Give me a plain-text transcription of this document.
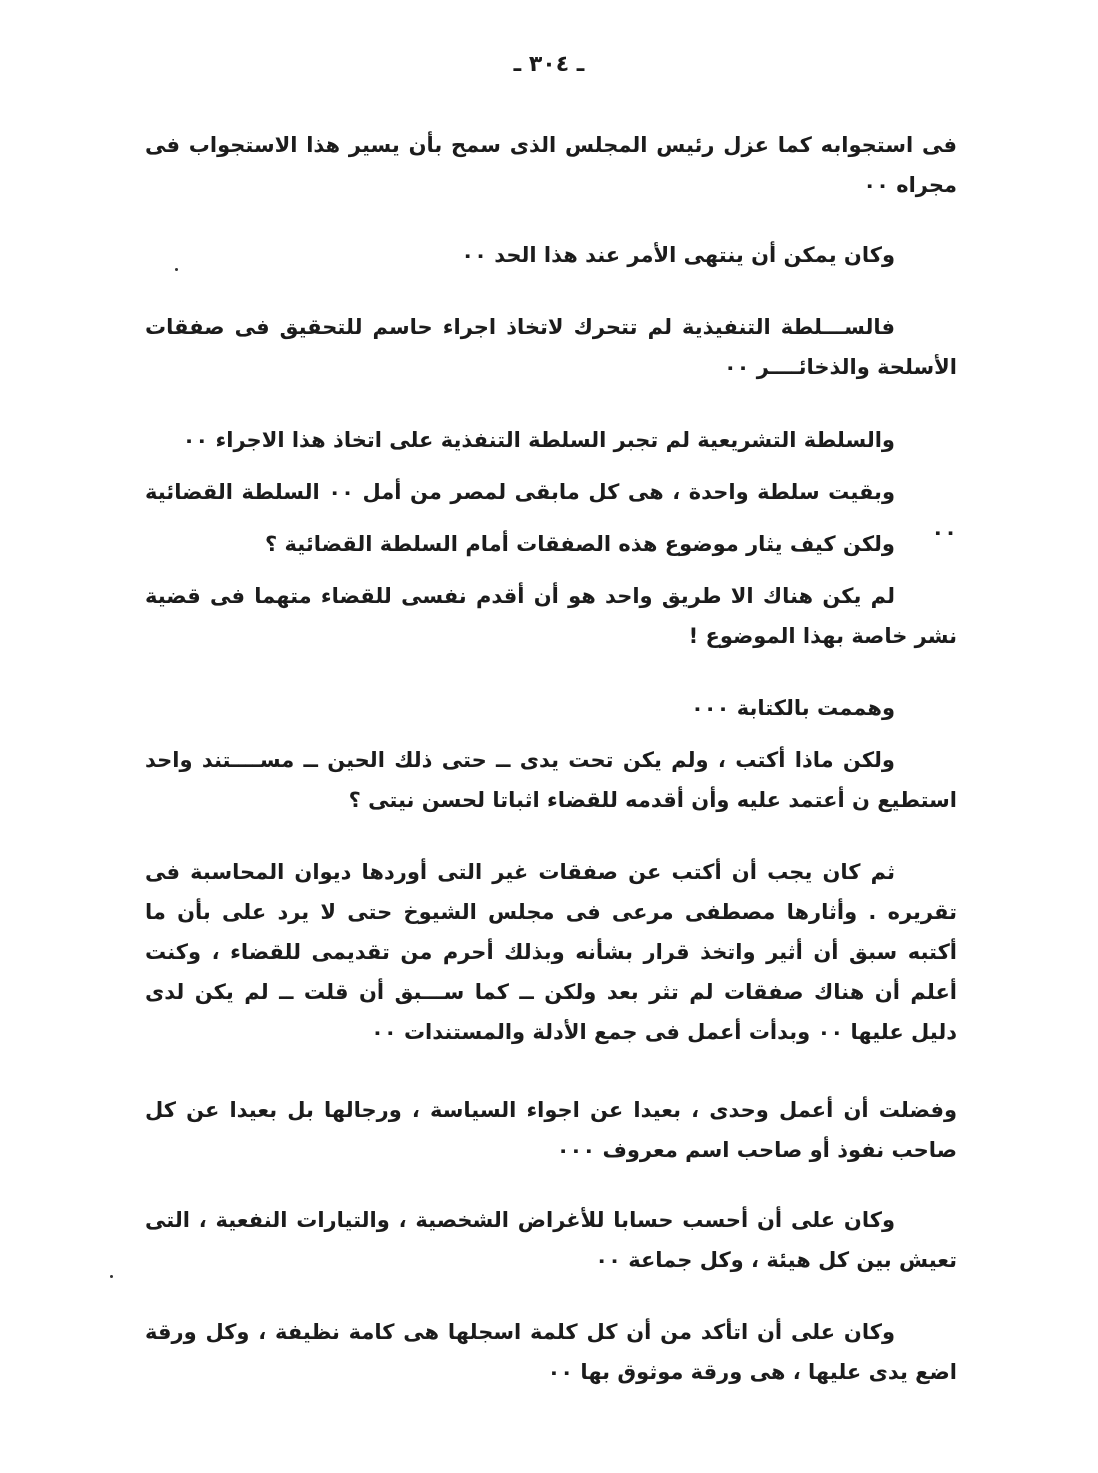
ـ ٣٠٤ ـ

فى استجوابه كما عزل رئيس المجلس الذى سمح بأن يسير هذا الاستجواب فى مجراه ٠٠

وكان يمكن أن ينتهى الأمر عند هذا الحد ٠٠

فالســـلطة التنفيذية لم تتحرك لاتخاذ اجراء حاسم للتحقيق فى صفقات الأسلحة والذخائــــر ٠٠

والسلطة التشريعية لم تجبر السلطة التنفذية على اتخاذ هذا الاجراء ٠٠

وبقيت سلطة واحدة ، هى كل مابقى لمصر من أمل ٠٠ السلطة القضائية ٠٠

ولكن كيف يثار موضوع هذه الصفقات أمام السلطة القضائية ؟

لم يكن هناك الا طريق واحد هو أن أقدم نفسى للقضاء متهما فى قضية نشر خاصة بهذا الموضوع !

وهممت بالكتابة ٠٠٠

ولكن ماذا أكتب ، ولم يكن تحت يدى ــ حتى ذلك الحين ــ مســــتند واحد استطيع ن أعتمد عليه وأن أقدمه للقضاء اثباتا لحسن نيتى ؟

ثم كان يجب أن أكتب عن صفقات غير التى أوردها ديوان المحاسبة فى تقريره . وأثارها مصطفى مرعى فى مجلس الشيوخ حتى لا يرد على بأن ما أكتبه سبق أن أثير واتخذ قرار بشأنه وبذلك أحرم من تقديمى للقضاء ، وكنت أعلم أن هناك صفقات لم تثر بعد ولكن ــ كما ســـبق أن قلت ــ لم يكن لدى دليل عليها ٠٠ وبدأت أعمل فى جمع الأدلة والمستندات ٠٠

وفضلت أن أعمل وحدى ، بعيدا عن اجواء السياسة ، ورجالها بل بعيدا عن كل صاحب نفوذ أو صاحب اسم معروف ٠٠٠

وكان على أن أحسب حسابا للأغراض الشخصية ، والتيارات النفعية ، التى تعيش بين كل هيئة ، وكل جماعة ٠٠

وكان على أن اتأكد من أن كل كلمة اسجلها هى كامة نظيفة ، وكل ورقة اضع يدى عليها ، هى ورقة موثوق بها ٠٠
